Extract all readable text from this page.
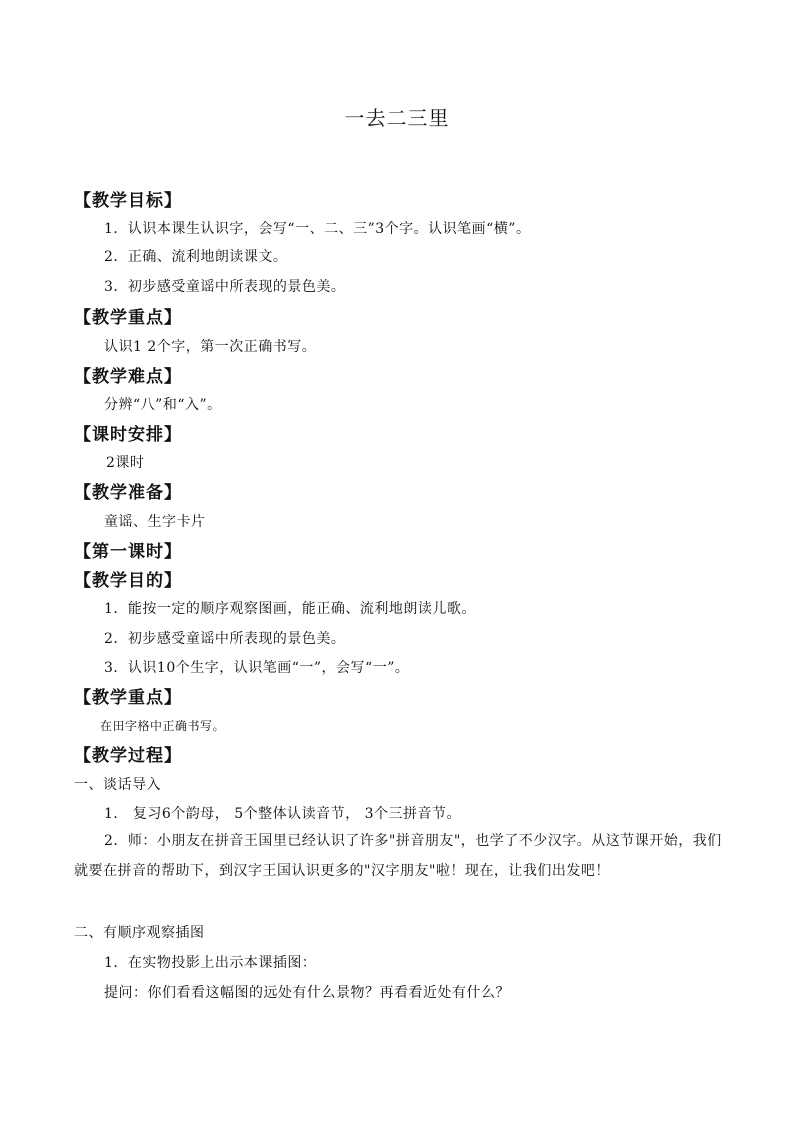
一去二三里
【教学目标】
1．认识本课生认识字，会写“一、二、三”3个字。认识笔画“横”。
2．正确、流利地朗读课文。
3．初步感受童谣中所表现的景色美。
【教学重点】
认识1 2个字，第一次正确书写。
【教学难点】
分辨“八”和“入”。
【课时安排】
2课时
【教学准备】
童谣、生字卡片
【第一课时】
【教学目的】
1．能按一定的顺序观察图画，能正确、流利地朗读儿歌。
2．初步感受童谣中所表现的景色美。
3．认识10个生字，认识笔画“一”，会写“一”。
【教学重点】
在田字格中正确书写。
【教学过程】
一、谈话导入
1． 复习6个韵母， 5个整体认读音节， 3个三拼音节。
2．师：小朋友在拼音王国里已经认识了许多"拼音朋友"，也学了不少汉字。从这节课开始，我们就要在拼音的帮助下，到汉字王国认识更多的"汉字朋友"啦！现在，让我们出发吧！
二、有顺序观察插图
1．在实物投影上出示本课插图：
提问：你们看看这幅图的远处有什么景物？再看看近处有什么？
